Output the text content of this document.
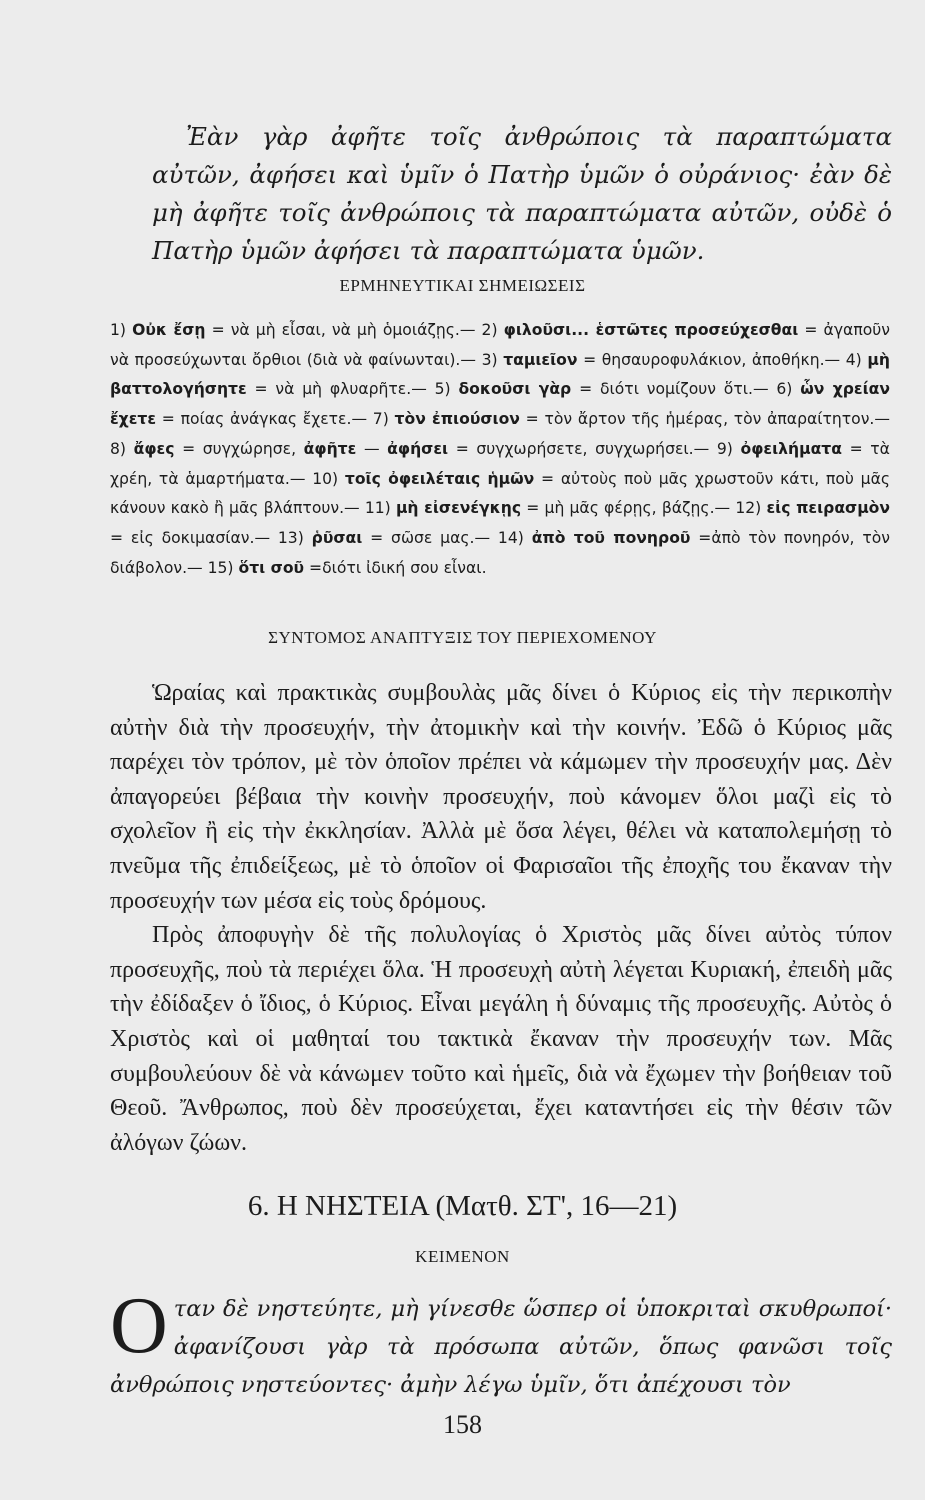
Ἐὰν γὰρ ἀφῆτε τοῖς ἀνθρώποις τὰ παραπτώματα αὐτῶν, ἀφήσει καὶ ὑμῖν ὁ Πατὴρ ὑμῶν ὁ οὐράνιος· ἐὰν δὲ μὴ ἀφῆτε τοῖς ἀνθρώποις τὰ παραπτώματα αὐτῶν, οὐδὲ ὁ Πατὴρ ὑμῶν ἀφήσει τὰ παραπτώματα ὑμῶν.

ΕΡΜΗΝΕΥΤΙΚΑΙ ΣΗΜΕΙΩΣΕΙΣ

1) Οὐκ ἔσῃ = νὰ μὴ εἶσαι, νὰ μὴ ὁμοιάζῃς.— 2) φιλοῦσι... ἑστῶτες προσεύχεσθαι = ἀγαποῦν νὰ προσεύχωνται ὄρθιοι (διὰ νὰ φαίνωνται).— 3) ταμιεῖον = θησαυροφυλάκιον, ἀποθήκη.— 4) μὴ βαττολογήσητε = νὰ μὴ φλυαρῆτε.— 5) δοκοῦσι γὰρ = διότι νομίζουν ὅτι.— 6) ὧν χρείαν ἔχετε = ποίας ἀνάγκας ἔχετε.— 7) τὸν ἐπιούσιον = τὸν ἄρτον τῆς ἡμέρας, τὸν ἀπαραίτητον.— 8) ἄφες = συγχώρησε, ἀφῆτε — ἀφήσει = συγχωρήσετε, συγχωρήσει.— 9) ὀφειλήματα = τὰ χρέη, τὰ ἁμαρτήματα.— 10) τοῖς ὀφειλέταις ἡμῶν = αὐτοὺς ποὺ μᾶς χρωστοῦν κάτι, ποὺ μᾶς κάνουν κακὸ ἢ μᾶς βλάπτουν.— 11) μὴ εἰσενέγκῃς = μὴ μᾶς φέρῃς, βάζῃς.— 12) εἰς πειρασμὸν = εἰς δοκιμασίαν.— 13) ῥῦσαι = σῶσε μας.— 14) ἀπὸ τοῦ πονηροῦ =ἀπὸ τὸν πονηρόν, τὸν διάβολον.— 15) ὅτι σοῦ =διότι ἰδική σου εἶναι.

ΣΥΝΤΟΜΟΣ ΑΝΑΠΤΥΞΙΣ ΤΟΥ ΠΕΡΙΕΧΟΜΕΝΟΥ

Ὡραίας καὶ πρακτικὰς συμβουλὰς μᾶς δίνει ὁ Κύριος εἰς τὴν περικοπὴν αὐτὴν διὰ τὴν προσευχήν, τὴν ἀτομικὴν καὶ τὴν κοινήν. Ἐδῶ ὁ Κύριος μᾶς παρέχει τὸν τρόπον, μὲ τὸν ὁποῖον πρέπει νὰ κάμωμεν τὴν προσευχήν μας. Δὲν ἀπαγορεύει βέβαια τὴν κοινὴν προσευχήν, ποὺ κάνομεν ὅλοι μαζὶ εἰς τὸ σχολεῖον ἢ εἰς τὴν ἐκκλησίαν. Ἀλλὰ μὲ ὅσα λέγει, θέλει νὰ καταπολεμήσῃ τὸ πνεῦμα τῆς ἐπιδείξεως, μὲ τὸ ὁποῖον οἱ Φαρισαῖοι τῆς ἐποχῆς του ἔκαναν τὴν προσευχήν των μέσα εἰς τοὺς δρόμους.

Πρὸς ἀποφυγὴν δὲ τῆς πολυλογίας ὁ Χριστὸς μᾶς δίνει αὐτὸς τύπον προσευχῆς, ποὺ τὰ περιέχει ὅλα. Ἡ προσευχὴ αὐτὴ λέγεται Κυριακή, ἐπειδὴ μᾶς τὴν ἐδίδαξεν ὁ ἴδιος, ὁ Κύριος. Εἶναι μεγάλη ἡ δύναμις τῆς προσευχῆς. Αὐτὸς ὁ Χριστὸς καὶ οἱ μαθηταί του τακτικὰ ἔκαναν τὴν προσευχήν των. Μᾶς συμβουλεύουν δὲ νὰ κάνωμεν τοῦτο καὶ ἡμεῖς, διὰ νὰ ἔχωμεν τὴν βοήθειαν τοῦ Θεοῦ. Ἄνθρωπος, ποὺ δὲν προσεύχεται, ἔχει καταντήσει εἰς τὴν θέσιν τῶν ἀλόγων ζώων.

6. Η ΝΗΣΤΕΙΑ (Ματθ. ΣΤ', 16—21)
ΚΕΙΜΕΝΟΝ

Οταν δὲ νηστεύητε, μὴ γίνεσθε ὥσπερ οἱ ὑποκριταὶ σκυθρωποί· ἀφανίζουσι γὰρ τὰ πρόσωπα αὐτῶν, ὅπως φανῶσι τοῖς ἀνθρώποις νηστεύοντες· ἀμὴν λέγω ὑμῖν, ὅτι ἀπέχουσι τὸν

158
